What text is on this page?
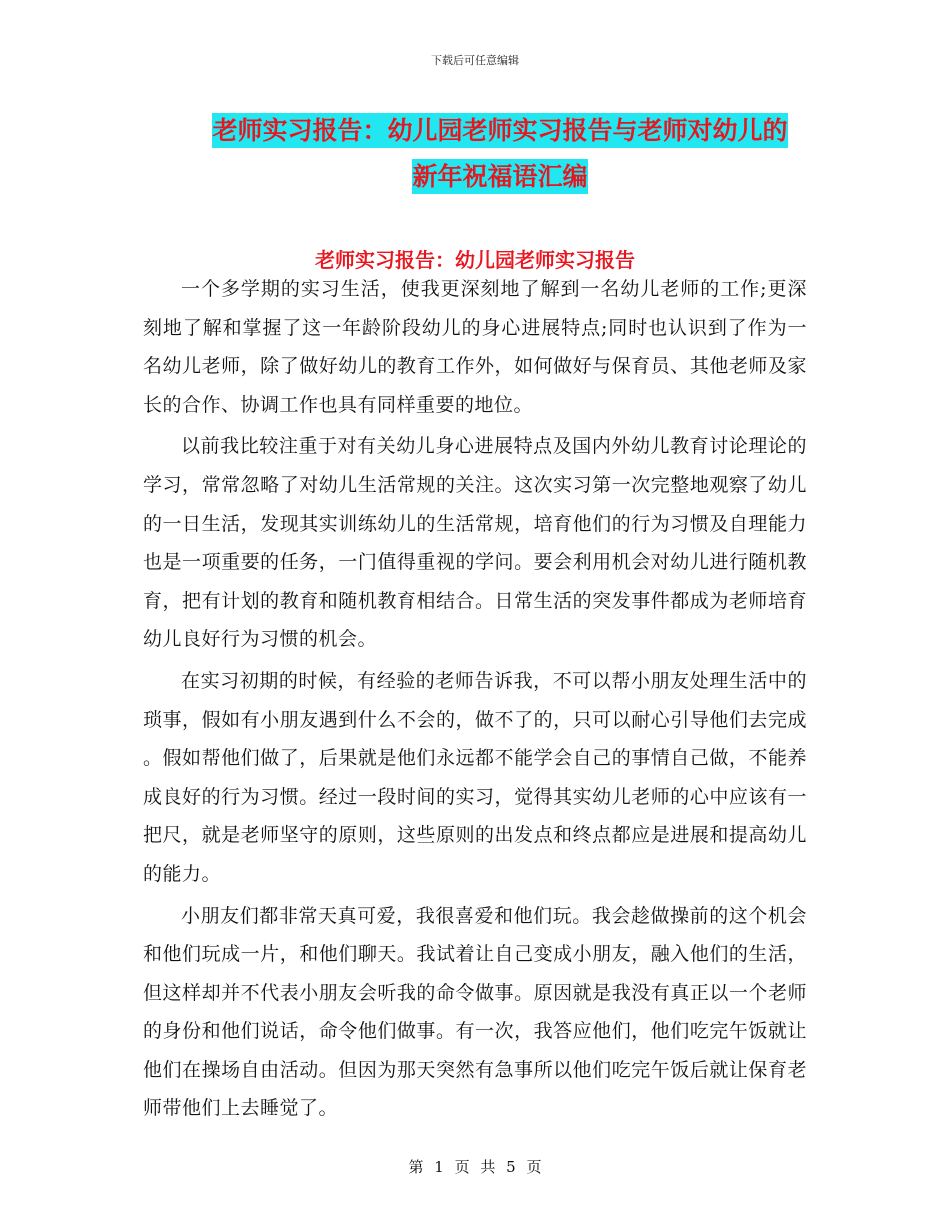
下载后可任意编辑
老师实习报告：幼儿园老师实习报告与老师对幼儿的
新年祝福语汇编
老师实习报告：幼儿园老师实习报告

一个多学期的实习生活，使我更深刻地了解到一名幼儿老师的工作;更深刻地了解和掌握了这一年龄阶段幼儿的身心进展特点;同时也认识到了作为一名幼儿老师，除了做好幼儿的教育工作外，如何做好与保育员、其他老师及家长的合作、协调工作也具有同样重要的地位。

以前我比较注重于对有关幼儿身心进展特点及国内外幼儿教育讨论理论的学习，常常忽略了对幼儿生活常规的关注。这次实习第一次完整地观察了幼儿的一日生活，发现其实训练幼儿的生活常规，培育他们的行为习惯及自理能力也是一项重要的任务，一门值得重视的学问。要会利用机会对幼儿进行随机教育，把有计划的教育和随机教育相结合。日常生活的突发事件都成为老师培育幼儿良好行为习惯的机会。

在实习初期的时候，有经验的老师告诉我，不可以帮小朋友处理生活中的琐事，假如有小朋友遇到什么不会的，做不了的，只可以耐心引导他们去完成 。假如帮他们做了，后果就是他们永远都不能学会自己的事情自己做，不能养成良好的行为习惯。经过一段时间的实习，觉得其实幼儿老师的心中应该有一把尺，就是老师坚守的原则，这些原则的出发点和终点都应是进展和提高幼儿的能力。

小朋友们都非常天真可爱，我很喜爱和他们玩。我会趁做操前的这个机会和他们玩成一片，和他们聊天。我试着让自己变成小朋友，融入他们的生活，但这样却并不代表小朋友会听我的命令做事。原因就是我没有真正以一个老师的身份和他们说话，命令他们做事。有一次，我答应他们，他们吃完午饭就让他们在操场自由活动。但因为那天突然有急事所以他们吃完午饭后就让保育老师带他们上去睡觉了。

第 1 页 共 5 页
